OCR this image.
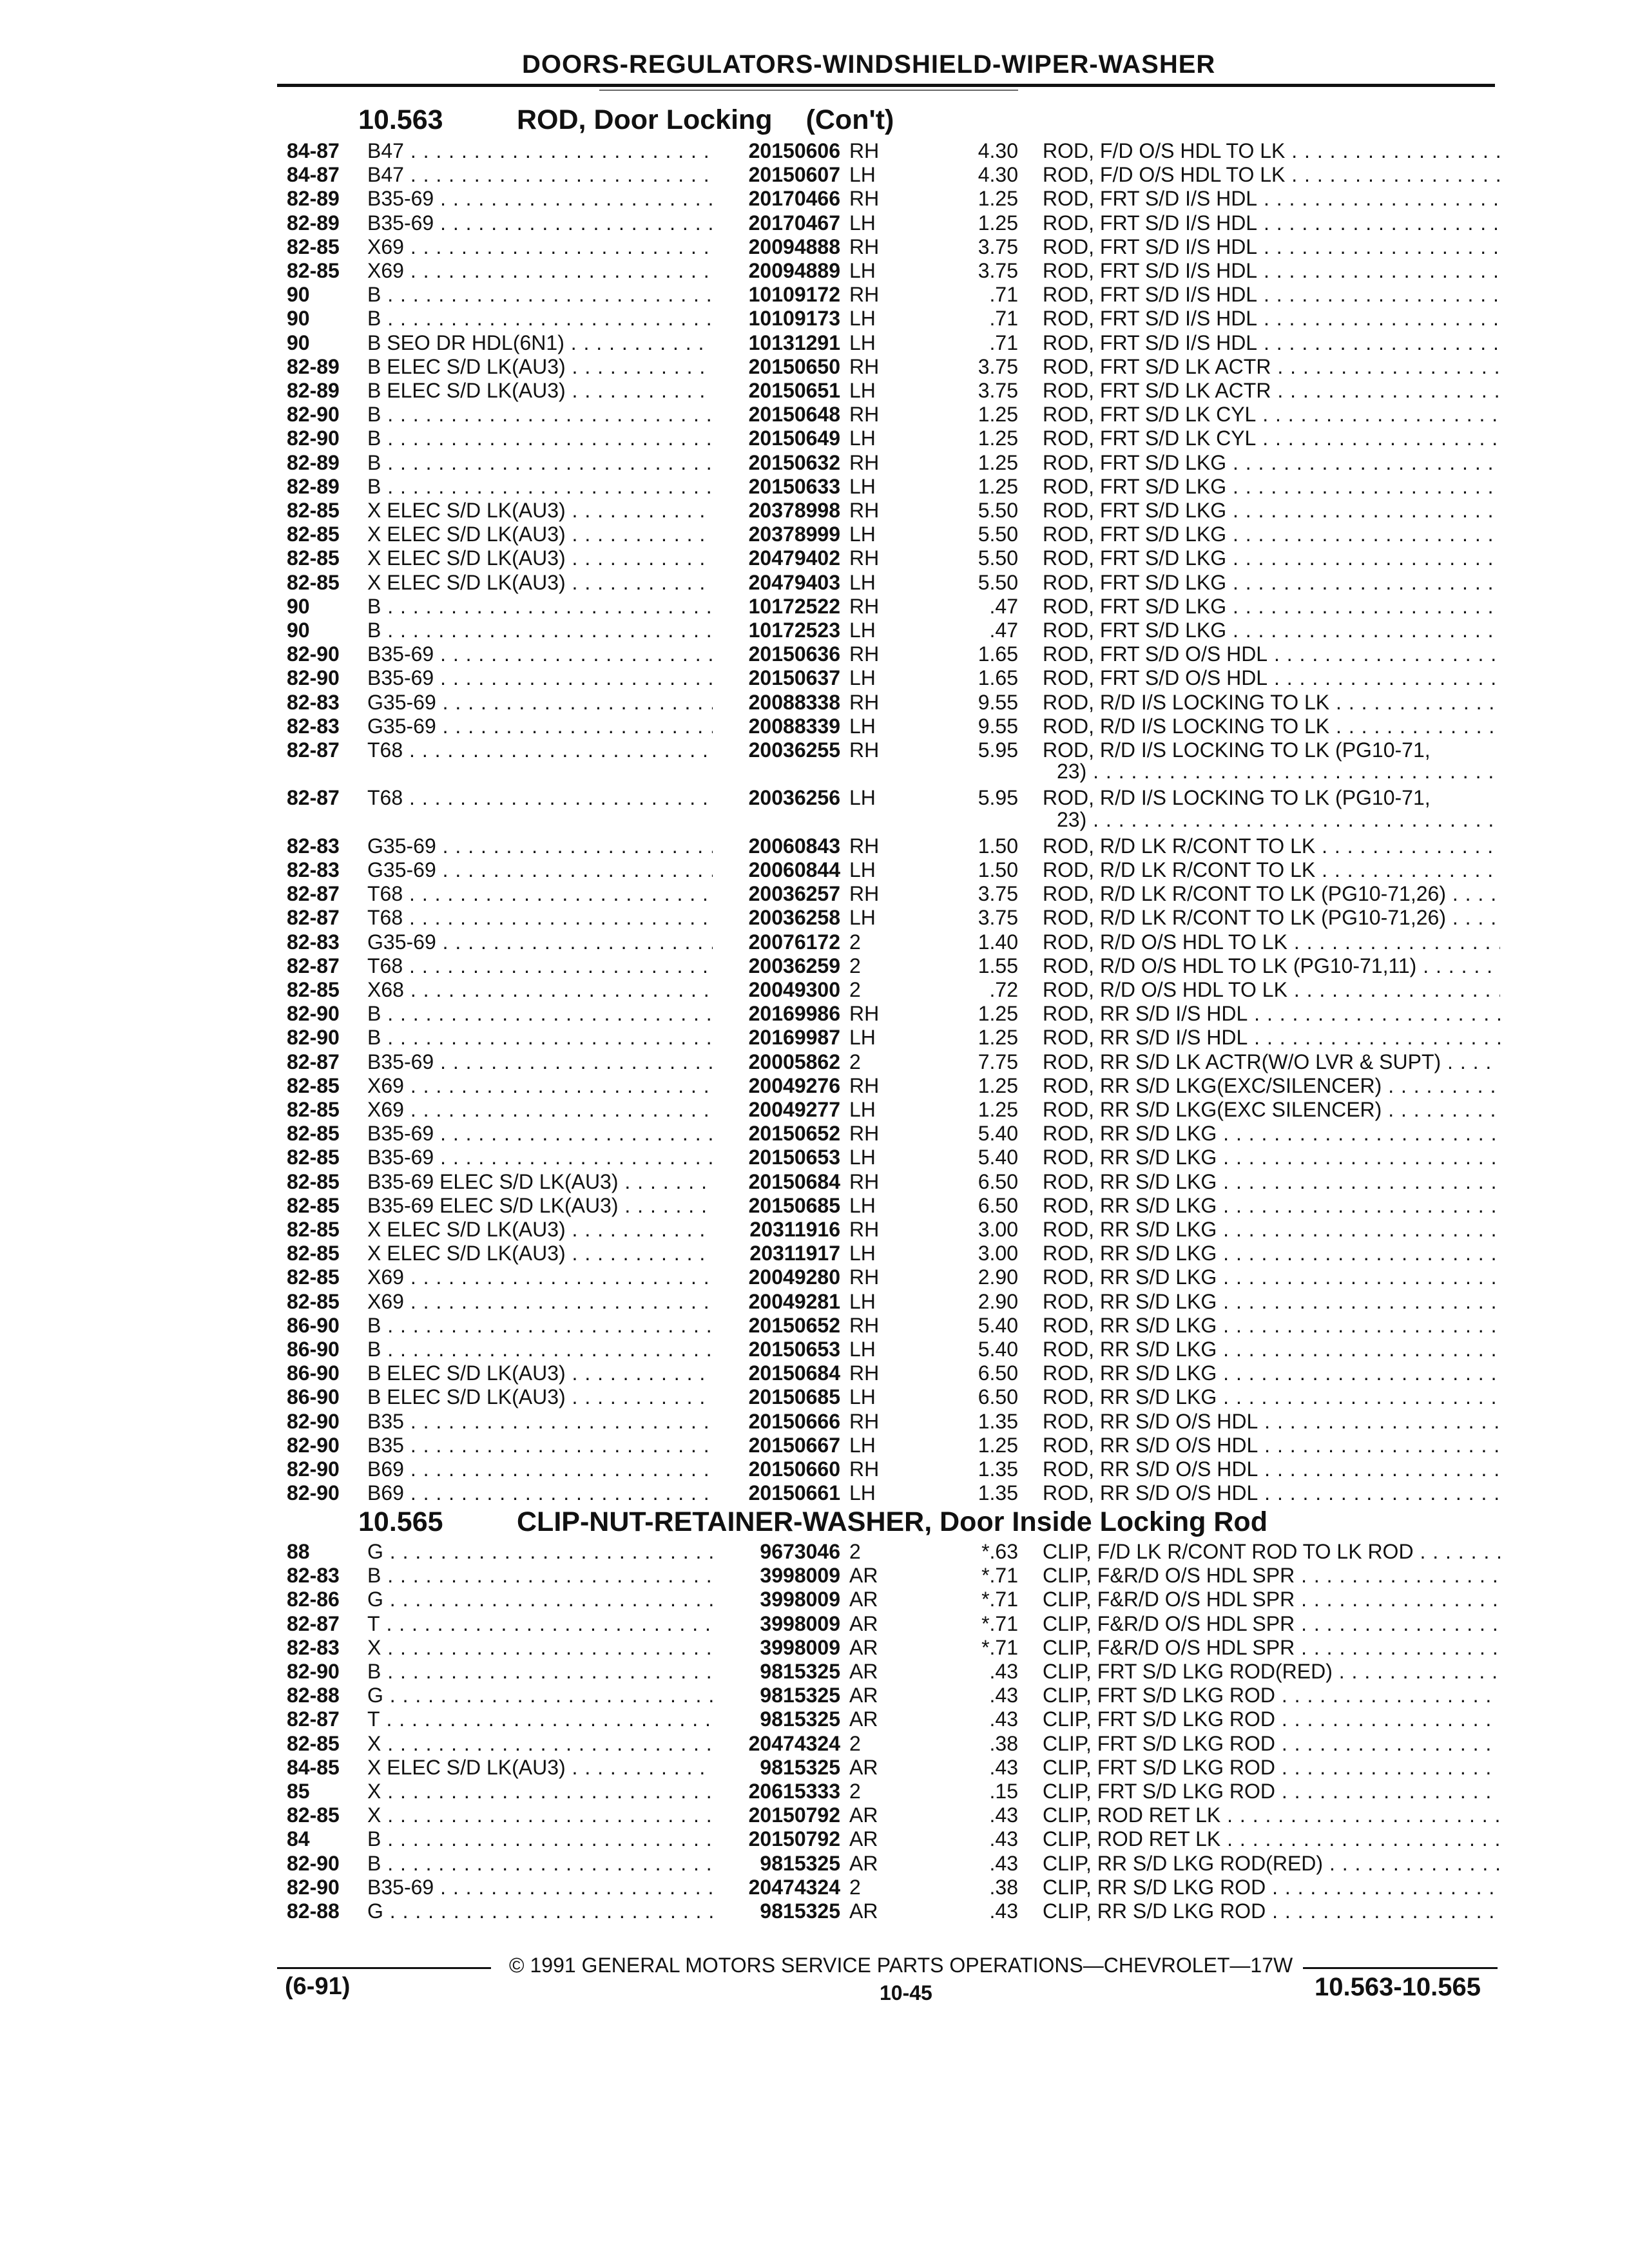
DOORS-REGULATORS-WINDSHIELD-WIPER-WASHER
10.563	ROD, Door Locking (Con't)
84-87 B47 . . .	20150606 RH	4.30 ROD, F/D O/S HDL TO LK . . .
84-87 B47 . . .	20150607 LH	4.30 ROD, F/D O/S HDL TO LK . . .
82-89 B35-69 . . .	20170466 RH	1.25 ROD, FRT S/D I/S HDL . . .
82-89 B35-69 . . .	20170467 LH	1.25 ROD, FRT S/D I/S HDL . . .
82-85 X69 . . .	20094888 RH	3.75 ROD, FRT S/D I/S HDL . . .
82-85 X69 . . .	20094889 LH	3.75 ROD, FRT S/D I/S HDL . . .
90	B . . .	10109172 RH	.71 ROD, FRT S/D I/S HDL . . .
90	B . . .	10109173 LH	.71 ROD, FRT S/D I/S HDL . . .
90	B SEO DR HDL(6N1) . . .	10131291 LH	.71 ROD, FRT S/D I/S HDL . . .
82-89 B ELEC S/D LK(AU3) . . .	20150650 RH	3.75 ROD, FRT S/D LK ACTR . . .
82-89 B ELEC S/D LK(AU3) . . .	20150651 LH	3.75 ROD, FRT S/D LK ACTR . . .
82-90 B . . .	20150648 RH	1.25 ROD, FRT S/D LK CYL . . .
82-90 B . . .	20150649 LH	1.25 ROD, FRT S/D LK CYL . . .
82-89 B . . .	20150632 RH	1.25 ROD, FRT S/D LKG . . .
82-89 B . . .	20150633 LH	1.25 ROD, FRT S/D LKG . . .
82-85 X ELEC S/D LK(AU3) . . .	20378998 RH	5.50 ROD, FRT S/D LKG . . .
82-85 X ELEC S/D LK(AU3) . . .	20378999 LH	5.50 ROD, FRT S/D LKG . . .
82-85 X ELEC S/D LK(AU3) . . .	20479402 RH	5.50 ROD, FRT S/D LKG . . .
82-85 X ELEC S/D LK(AU3) . . .	20479403 LH	5.50 ROD, FRT S/D LKG . . .
90	B . . .	10172522 RH	.47 ROD, FRT S/D LKG . . .
90	B . . .	10172523 LH	.47 ROD, FRT S/D LKG . . .
82-90 B35-69 . . .	20150636 RH	1.65 ROD, FRT S/D O/S HDL . . .
82-90 B35-69 . . .	20150637 LH	1.65 ROD, FRT S/D O/S HDL . . .
82-83 G35-69 . . .	20088338 RH	9.55 ROD, R/D I/S LOCKING TO LK . . .
82-83 G35-69 . . .	20088339 LH	9.55 ROD, R/D I/S LOCKING TO LK . . .
82-87 T68 . . .	20036255 RH	5.95 ROD, R/D I/S LOCKING TO LK (PG10-71,
23) . . .
82-87 T68 . . .	20036256 LH	5.95 ROD, R/D I/S LOCKING TO LK (PG10-71,
23) . . .
82-83 G35-69 . . .	20060843 RH	1.50 ROD, R/D LK R/CONT TO LK . . .
82-83 G35-69 . . .	20060844 LH	1.50 ROD, R/D LK R/CONT TO LK . . .
82-87 T68 . . .	20036257 RH	3.75 ROD, R/D LK R/CONT TO LK (PG10-71,26) . . .
82-87 T68 . . .	20036258 LH	3.75 ROD, R/D LK R/CONT TO LK (PG10-71,26) . . .
82-83 G35-69 . . .	20076172 2	1.40 ROD, R/D O/S HDL TO LK . . .
82-87 T68 . . .	20036259 2	1.55 ROD, R/D O/S HDL TO LK (PG10-71,11) . . .
82-85 X68 . . .	20049300 2	.72 ROD, R/D O/S HDL TO LK . . .
82-90 B . . .	20169986 RH	1.25 ROD, RR S/D I/S HDL . . .
82-90 B . . .	20169987 LH	1.25 ROD, RR S/D I/S HDL . . .
82-87 B35-69 . . .	20005862 2	7.75 ROD, RR S/D LK ACTR(W/O LVR & SUPT) . . .
82-85 X69 . . .	20049276 RH	1.25 ROD, RR S/D LKG(EXC/SILENCER) . . .
82-85 X69 . . .	20049277 LH	1.25 ROD, RR S/D LKG(EXC SILENCER) . . .
82-85 B35-69 . . .	20150652 RH	5.40 ROD, RR S/D LKG . . .
82-85 B35-69 . . .	20150653 LH	5.40 ROD, RR S/D LKG . . .
82-85 B35-69 ELEC S/D LK(AU3) . . .	20150684 RH	6.50 ROD, RR S/D LKG . . .
82-85 B35-69 ELEC S/D LK(AU3) . . .	20150685 LH	6.50 ROD, RR S/D LKG . . .
82-85 X ELEC S/D LK(AU3) . . .	20311916 RH	3.00 ROD, RR S/D LKG . . .
82-85 X ELEC S/D LK(AU3) . . .	20311917 LH	3.00 ROD, RR S/D LKG . . .
82-85 X69 . . .	20049280 RH	2.90 ROD, RR S/D LKG . . .
82-85 X69 . . .	20049281 LH	2.90 ROD, RR S/D LKG . . .
86-90 B . . .	20150652 RH	5.40 ROD, RR S/D LKG . . .
86-90 B . . .	20150653 LH	5.40 ROD, RR S/D LKG . . .
86-90 B ELEC S/D LK(AU3) . . .	20150684 RH	6.50 ROD, RR S/D LKG . . .
86-90 B ELEC S/D LK(AU3) . . .	20150685 LH	6.50 ROD, RR S/D LKG . . .
82-90 B35 . . .	20150666 RH	1.35 ROD, RR S/D O/S HDL . . .
82-90 B35 . . .	20150667 LH	1.25 ROD, RR S/D O/S HDL . . .
82-90 B69 . . .	20150660 RH	1.35 ROD, RR S/D O/S HDL . . .
82-90 B69 . . .	20150661 LH	1.35 ROD, RR S/D O/S HDL . . .
10.565	CLIP-NUT-RETAINER-WASHER, Door Inside Locking Rod
88	G . . .	9673046 2	*.63 CLIP, F/D LK R/CONT ROD TO LK ROD . . .
82-83 B . . .	3998009 AR	*.71 CLIP, F&R/D O/S HDL SPR . . .
82-86 G . . .	3998009 AR	*.71 CLIP, F&R/D O/S HDL SPR . . .
82-87 T . . .	3998009 AR	*.71 CLIP, F&R/D O/S HDL SPR . . .
82-83 X . . .	3998009 AR	*.71 CLIP, F&R/D O/S HDL SPR . . .
82-90 B . . .	9815325 AR	.43 CLIP, FRT S/D LKG ROD(RED) . . .
82-88 G . . .	9815325 AR	.43 CLIP, FRT S/D LKG ROD . . .
82-87 T . . .	9815325 AR	.43 CLIP, FRT S/D LKG ROD . . .
82-85 X . . .	20474324 2	.38 CLIP, FRT S/D LKG ROD . . .
84-85 X ELEC S/D LK(AU3) . . .	9815325 AR	.43 CLIP, FRT S/D LKG ROD . . .
85	X . . .	20615333 2	.15 CLIP, FRT S/D LKG ROD . . .
82-85 X . . .	20150792 AR	.43 CLIP, ROD RET LK . . .
84	B . . .	20150792 AR	.43 CLIP, ROD RET LK . . .
82-90 B . . .	9815325 AR	.43 CLIP, RR S/D LKG ROD(RED) . . .
82-90 B35-69 . . .	20474324 2	.38 CLIP, RR S/D LKG ROD . . .
82-88 G . . .	9815325 AR	.43 CLIP, RR S/D LKG ROD . . .
© 1991 GENERAL MOTORS SERVICE PARTS OPERATIONS—CHEVROLET—17W
(6-91)	10-45	10.563-10.565
